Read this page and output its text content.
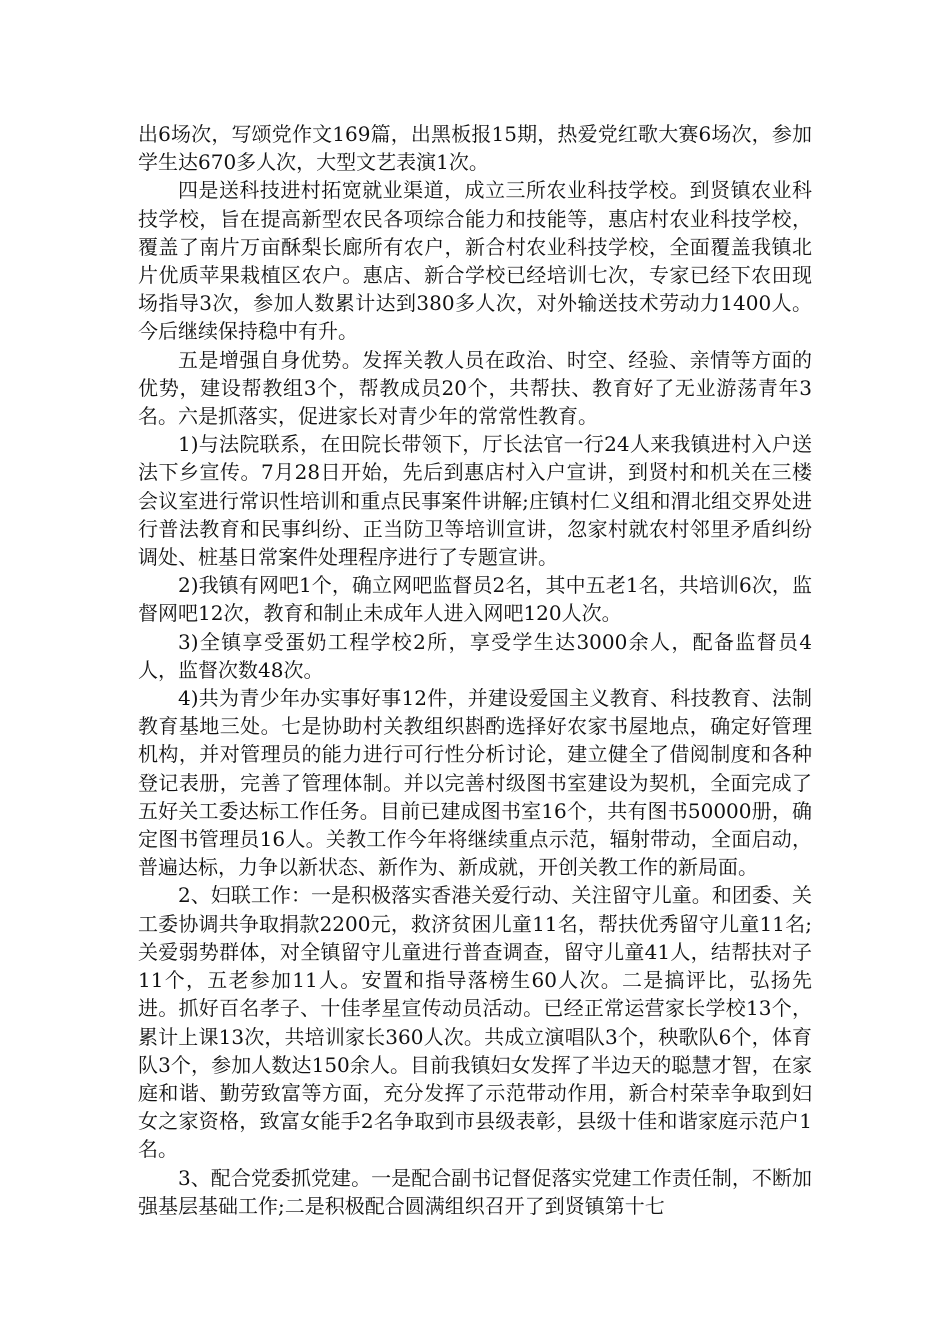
出6场次，写颂党作文169篇，出黑板报15期，热爱党红歌大赛6场次，参加学生达670多人次，大型文艺表演1次。

四是送科技进村拓宽就业渠道，成立三所农业科技学校。到贤镇农业科技学校，旨在提高新型农民各项综合能力和技能等，惠店村农业科技学校，覆盖了南片万亩酥梨长廊所有农户，新合村农业科技学校，全面覆盖我镇北片优质苹果栽植区农户。惠店、新合学校已经培训七次，专家已经下农田现场指导3次，参加人数累计达到380多人次，对外输送技术劳动力1400人。今后继续保持稳中有升。

五是增强自身优势。发挥关教人员在政治、时空、经验、亲情等方面的优势，建设帮教组3个，帮教成员20个，共帮扶、教育好了无业游荡青年3名。六是抓落实，促进家长对青少年的常常性教育。

1)与法院联系，在田院长带领下，厅长法官一行24人来我镇进村入户送法下乡宣传。7月28日开始，先后到惠店村入户宣讲，到贤村和机关在三楼会议室进行常识性培训和重点民事案件讲解;庄镇村仁义组和渭北组交界处进行普法教育和民事纠纷、正当防卫等培训宣讲，忽家村就农村邻里矛盾纠纷调处、桩基日常案件处理程序进行了专题宣讲。

2)我镇有网吧1个，确立网吧监督员2名，其中五老1名，共培训6次，监督网吧12次，教育和制止未成年人进入网吧120人次。

3)全镇享受蛋奶工程学校2所，享受学生达3000余人，配备监督员4人，监督次数48次。

4)共为青少年办实事好事12件，并建设爱国主义教育、科技教育、法制教育基地三处。七是协助村关教组织斟酌选择好农家书屋地点，确定好管理机构，并对管理员的能力进行可行性分析讨论，建立健全了借阅制度和各种登记表册，完善了管理体制。并以完善村级图书室建设为契机，全面完成了五好关工委达标工作任务。目前已建成图书室16个，共有图书50000册，确定图书管理员16人。关教工作今年将继续重点示范，辐射带动，全面启动，普遍达标，力争以新状态、新作为、新成就，开创关教工作的新局面。

2、妇联工作：一是积极落实香港关爱行动、关注留守儿童。和团委、关工委协调共争取捐款2200元，救济贫困儿童11名，帮扶优秀留守儿童11名;关爱弱势群体，对全镇留守儿童进行普查调查，留守儿童41人，结帮扶对子11个，五老参加11人。安置和指导落榜生60人次。二是搞评比，弘扬先进。抓好百名孝子、十佳孝星宣传动员活动。已经正常运营家长学校13个，累计上课13次，共培训家长360人次。共成立演唱队3个，秧歌队6个，体育队3个，参加人数达150余人。目前我镇妇女发挥了半边天的聪慧才智，在家庭和谐、勤劳致富等方面，充分发挥了示范带动作用，新合村荣幸争取到妇女之家资格，致富女能手2名争取到市县级表彰，县级十佳和谐家庭示范户1名。

3、配合党委抓党建。一是配合副书记督促落实党建工作责任制，不断加强基层基础工作;二是积极配合圆满组织召开了到贤镇第十七
